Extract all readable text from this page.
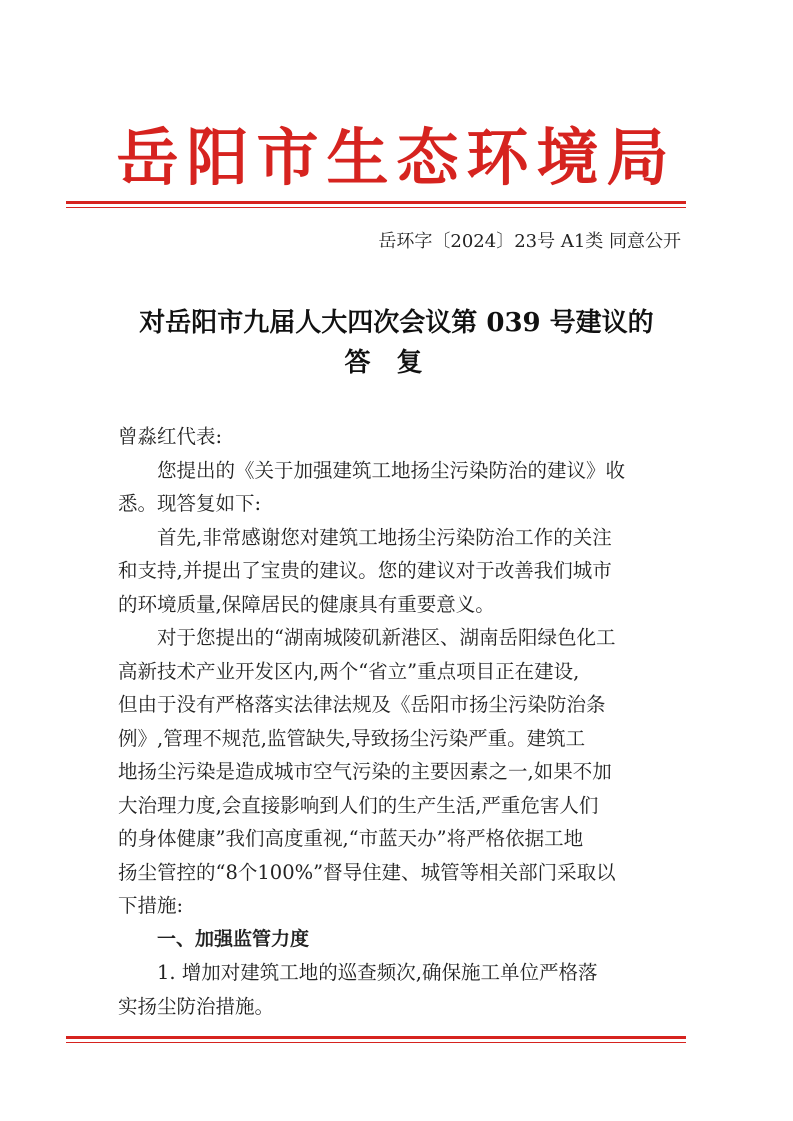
岳阳市生态环境局
岳环字〔2024〕23号 A1类 同意公开
对岳阳市九届人大四次会议第 039 号建议的
答复
曾淼红代表:
您提出的《关于加强建筑工地扬尘污染防治的建议》收
悉。现答复如下:
首先,非常感谢您对建筑工地扬尘污染防治工作的关注
和支持,并提出了宝贵的建议。您的建议对于改善我们城市
的环境质量,保障居民的健康具有重要意义。
对于您提出的“湖南城陵矶新港区、湖南岳阳绿色化工
高新技术产业开发区内,两个“省立”重点项目正在建设,
但由于没有严格落实法律法规及《岳阳市扬尘污染防治条
例》,管理不规范,监管缺失,导致扬尘污染严重。建筑工
地扬尘污染是造成城市空气污染的主要因素之一,如果不加
大治理力度,会直接影响到人们的生产生活,严重危害人们
的身体健康”我们高度重视,“市蓝天办”将严格依据工地
扬尘管控的“8个100%”督导住建、城管等相关部门采取以
下措施:
一、加强监管力度
1. 增加对建筑工地的巡查频次,确保施工单位严格落
实扬尘防治措施。
